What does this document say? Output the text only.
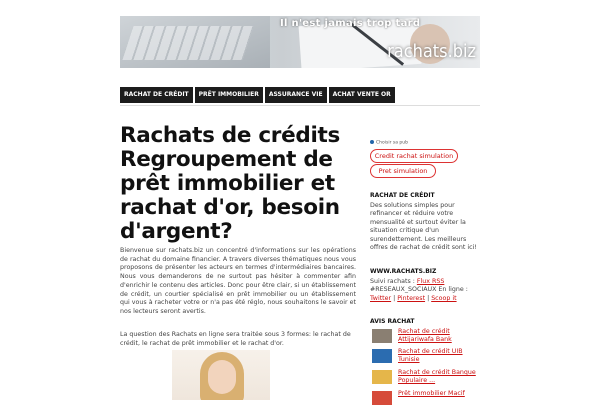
Il n'est jamais trop tard
rachats.biz
RACHAT DE CRÉDIT	PRÊT IMMOBILIER	ASSURANCE VIE	ACHAT VENTE OR
Rachats de crédits Regroupement de prêt immobilier et rachat d'or, besoin d'argent?

Bienvenue sur rachats.biz un concentré d'informations sur les opérations de rachat du domaine financier. A travers diverses thématiques nous vous proposons de présenter les acteurs en termes d'intermédiaires bancaires. Nous vous demanderons de ne surtout pas hésiter à commenter afin d'enrichir le contenu des articles. Donc pour être clair, si un établissement de crédit, un courtier spécialisé en prêt immobilier ou un établissement qui vous à racheter votre or n'a pas été réglo, nous souhaitons le savoir et nos lecteurs seront avertis.

La question des Rachats en ligne sera traitée sous 3 formes: le rachat de crédit, le rachat de prêt immobilier et le rachat d'or.

Choisir sa pub
Credit rachat simulation
Pret simulation
RACHAT DE CRÉDIT
Des solutions simples pour refinancer et réduire votre mensualité et surtout éviter la situation critique d'un surendettement. Les meilleurs offres de rachat de crédit sont ici!
WWW.RACHATS.BIZ
Suivi rachats : Flux RSS
#RESEAUX_SOCIAUX En ligne :
Twitter | Pinterest | Scoop it
AVIS RACHAT
Rachat de crédit Attijariwafa Bank
Rachat de crédit UIB Tunisie
Rachat de crédit Banque Populaire ...
Prêt immobilier Macif
